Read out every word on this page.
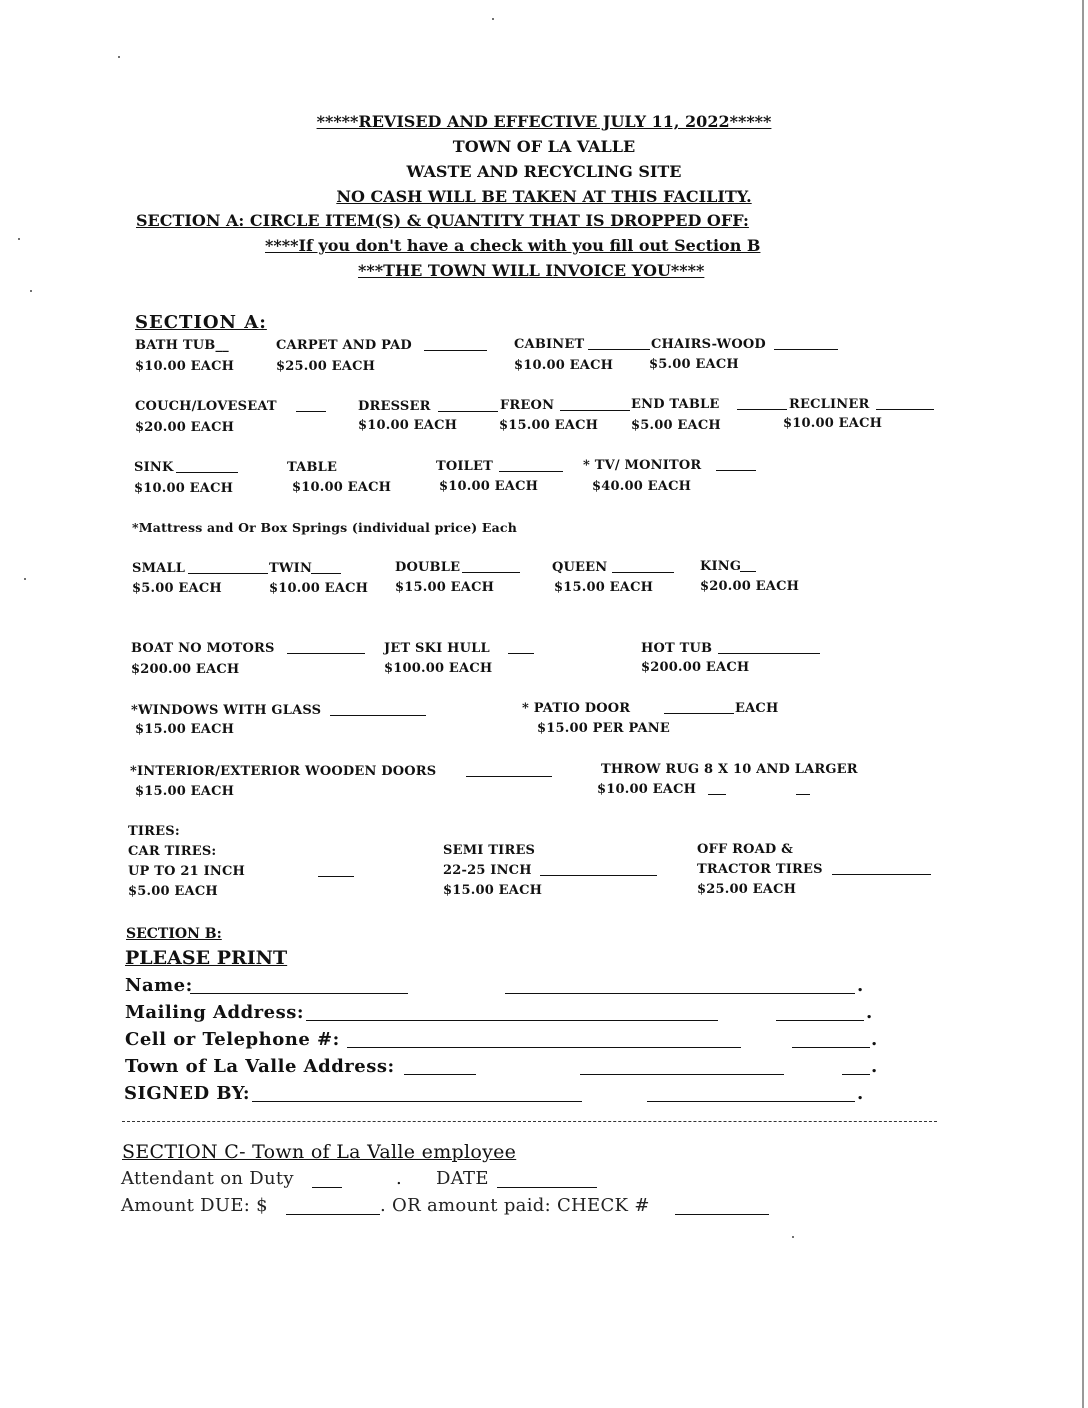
*****REVISED AND EFFECTIVE JULY 11, 2022*****
TOWN OF LA VALLE
WASTE AND RECYCLING SITE
NO CASH WILL BE TAKEN AT THIS FACILITY.
SECTION A: CIRCLE ITEM(S) & QUANTITY THAT IS DROPPED OFF:
****If you don't have a check with you fill out Section B
***THE TOWN WILL INVOICE YOU****
SECTION A:
BATH TUB__
$10.00 EACH
CARPET AND PAD
$25.00 EACH
CABINET
$10.00 EACH
CHAIRS-WOOD
$5.00 EACH
COUCH/LOVESEAT
$20.00 EACH
DRESSER
$10.00 EACH
FREON
$15.00 EACH
END TABLE
$5.00 EACH
RECLINER
$10.00 EACH
SINK
$10.00 EACH
TABLE
$10.00 EACH
TOILET
$10.00 EACH
* TV/ MONITOR
$40.00 EACH
*Mattress and Or Box Springs (individual price) Each
SMALL
$5.00 EACH
TWIN
$10.00 EACH
DOUBLE
$15.00 EACH
QUEEN
$15.00 EACH
KING
$20.00 EACH
BOAT NO MOTORS
$200.00 EACH
JET SKI HULL
$100.00 EACH
HOT TUB
$200.00 EACH
*WINDOWS WITH GLASS
$15.00 EACH
* PATIO DOOR	EACH
$15.00 PER PANE
*INTERIOR/EXTERIOR WOODEN DOORS
$15.00 EACH
THROW RUG 8 X 10 AND LARGER
$10.00 EACH
TIRES:
CAR TIRES:
UP TO 21 INCH
$5.00 EACH
SEMI TIRES
22-25 INCH
$15.00 EACH
OFF ROAD &
TRACTOR TIRES
$25.00 EACH
SECTION B:
PLEASE PRINT
Name:	.
Mailing Address:	.
Cell or Telephone #:	.
Town of La Valle Address:	.
SIGNED BY:	.
SECTION C- Town of La Valle employee
Attendant on Duty	. DATE
Amount DUE: $	. OR amount paid: CHECK #
